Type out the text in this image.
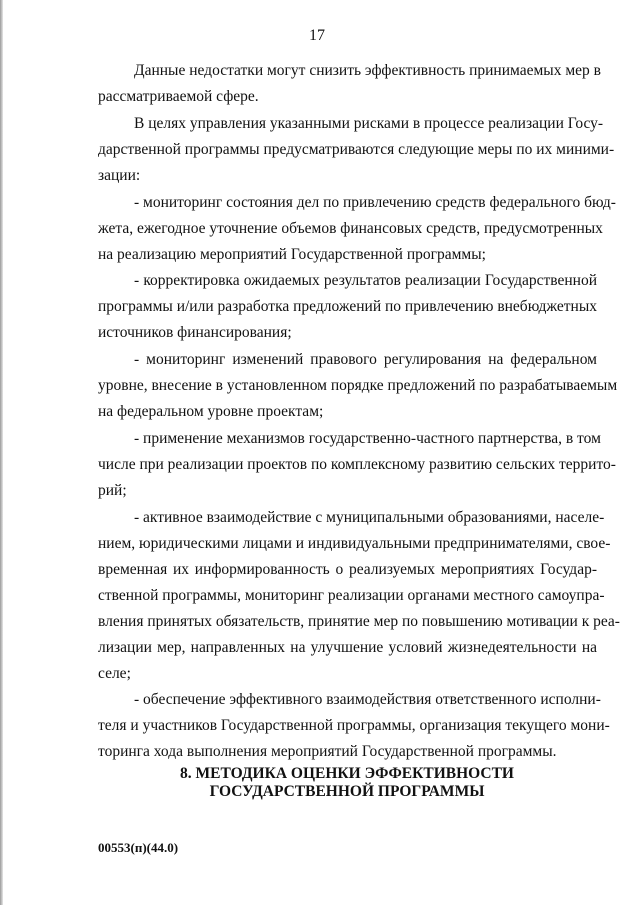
17

Данные недостатки могут снизить эффективность принимаемых мер в

рассматриваемой сфере.

В целях управления указанными рисками в процессе реализации Госу-

дарственной программы предусматриваются следующие меры по их миними-

зации:

- мониторинг состояния дел по привлечению средств федерального бюд-

жета, ежегодное уточнение объемов финансовых средств, предусмотренных

на реализацию мероприятий Государственной программы;

- корректировка ожидаемых результатов реализации Государственной

программы и/или разработка предложений по привлечению внебюджетных

источников финансирования;

- мониторинг изменений правового регулирования на федеральном

уровне, внесение в установленном порядке предложений по разрабатываемым

на федеральном уровне проектам;

- применение механизмов государственно-частного партнерства, в том

числе при реализации проектов по комплексному развитию сельских террито-

рий;

- активное взаимодействие с муниципальными образованиями, населе-

нием, юридическими лицами и индивидуальными предпринимателями, свое-

временная их информированность о реализуемых мероприятиях Государ-

ственной программы, мониторинг реализации органами местного самоупра-

вления принятых обязательств, принятие мер по повышению мотивации к реа-

лизации мер, направленных на улучшение условий жизнедеятельности на

селе;

- обеспечение эффективного взаимодействия ответственного исполни-

теля и участников Государственной программы, организация текущего мони-

торинга хода выполнения мероприятий Государственной программы.

8. МЕТОДИКА ОЦЕНКИ ЭФФЕКТИВНОСТИ

ГОСУДАРСТВЕННОЙ ПРОГРАММЫ

00553(п)(44.0)
